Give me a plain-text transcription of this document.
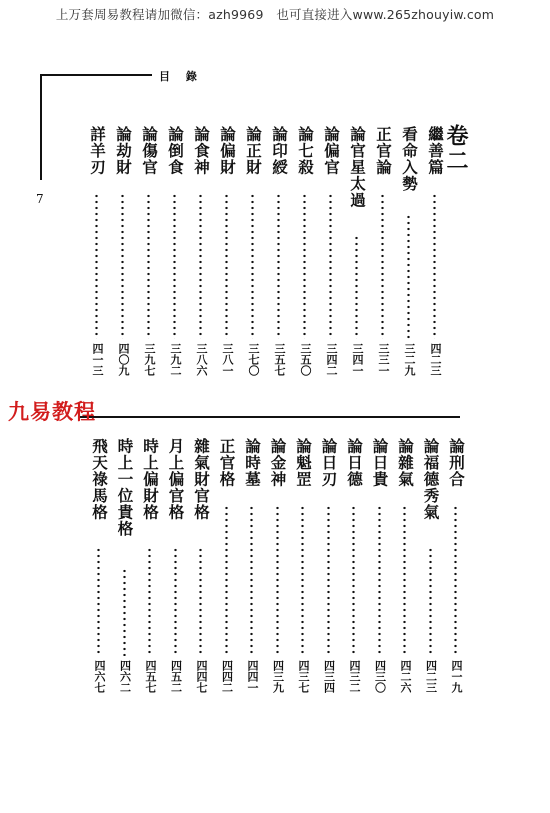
上万套周易教程请加微信：azh9969　也可直接进入www.265zhouyiw.com
目 錄
7
繼善篇
四二三
看命入勢
三二九
正官論
三三一
論官星太過
三四一
論偏官
三四二
論七殺
三五〇
論印綬
三五七
論正財
三七〇
論偏財
三八一
論食神
三八六
論倒食
三九二
論傷官
三九七
論劫財
四〇九
詳羊刃
四一三
卷二
九易教程
論刑合
四一九
論福德秀氣
四二三
論雜氣
四二六
論日貴
四三〇
論日德
四三二
論日刃
四三四
論魁罡
四三七
論金神
四三九
論時墓
四四一
正官格
四四二
雜氣財官格
四四七
月上偏官格
四五二
時上偏財格
四五七
時上一位貴格
四六二
飛天祿馬格
四六七
